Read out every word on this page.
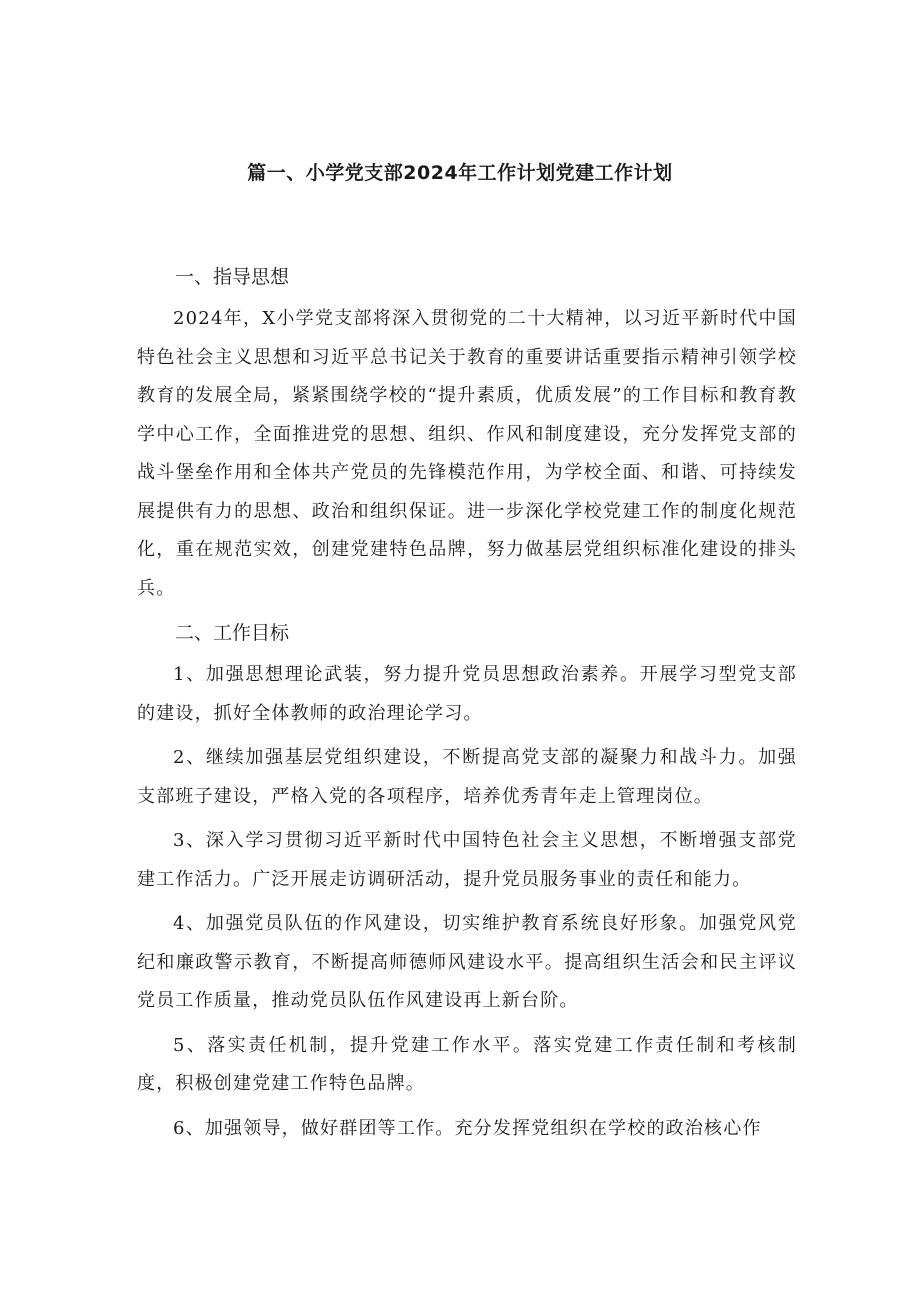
篇一、小学党支部2024年工作计划党建工作计划
一、指导思想

2024年，X小学党支部将深入贯彻党的二十大精神，以习近平新时代中国特色社会主义思想和习近平总书记关于教育的重要讲话重要指示精神引领学校教育的发展全局，紧紧围绕学校的“提升素质，优质发展”的工作目标和教育教学中心工作，全面推进党的思想、组织、作风和制度建设，充分发挥党支部的战斗堡垒作用和全体共产党员的先锋模范作用，为学校全面、和谐、可持续发展提供有力的思想、政治和组织保证。进一步深化学校党建工作的制度化规范化，重在规范实效，创建党建特色品牌，努力做基层党组织标准化建设的排头兵。

二、工作目标

1、加强思想理论武装，努力提升党员思想政治素养。开展学习型党支部的建设，抓好全体教师的政治理论学习。

2、继续加强基层党组织建设，不断提高党支部的凝聚力和战斗力。加强支部班子建设，严格入党的各项程序，培养优秀青年走上管理岗位。

3、深入学习贯彻习近平新时代中国特色社会主义思想，不断增强支部党建工作活力。广泛开展走访调研活动，提升党员服务事业的责任和能力。

4、加强党员队伍的作风建设，切实维护教育系统良好形象。加强党风党纪和廉政警示教育，不断提高师德师风建设水平。提高组织生活会和民主评议党员工作质量，推动党员队伍作风建设再上新台阶。

5、落实责任机制，提升党建工作水平。落实党建工作责任制和考核制度，积极创建党建工作特色品牌。

6、加强领导，做好群团等工作。充分发挥党组织在学校的政治核心作
